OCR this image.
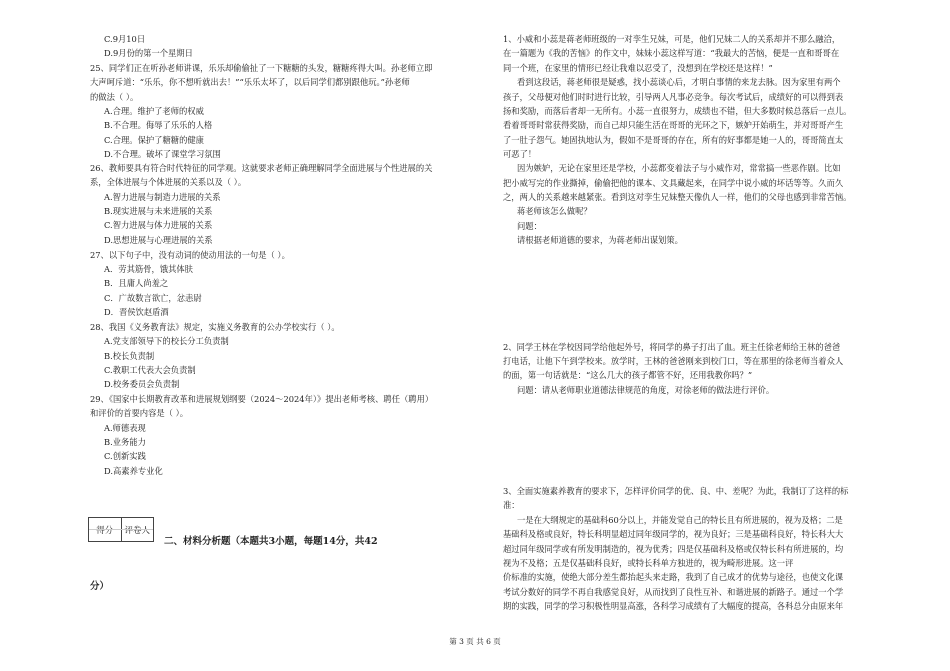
C.9月10日
D.9月份的第一个星期日
25、同学们正在听孙老师讲课，乐乐却偷偷扯了一下糖糖的头发，糖糖疼得大叫。孙老师立即
大声呵斥道：“乐乐，你不想听就出去！”“乐乐太坏了，以后同学们都别跟他玩。”孙老师
的做法（ ）。
A.合理。维护了老师的权威
B.不合理。侮辱了乐乐的人格
C.合理。保护了糖糖的健康
D.不合理。破坏了课堂学习氛围
26、教师要具有符合时代特征的同学观。这就要求老师正确理解同学全面进展与个性进展的关
系，全体进展与个体进展的关系以及（ ）。
A.智力进展与制造力进展的关系
B.现实进展与未来进展的关系
C.智力进展与体力进展的关系
D.思想进展与心理进展的关系
27、以下句子中，没有动词的使动用法的一句是（ ）。
A．劳其筋骨，饿其体肤
B．且庸人尚羞之
C．广故数言欲亡，忿恚尉
D．晋侯饮赵盾酒
28、我国《义务教育法》规定，实施义务教育的公办学校实行（ ）。
A.党支部领导下的校长分工负责制
B.校长负责制
C.教职工代表大会负责制
D.校务委员会负责制
29、《国家中长期教育改革和进展规划纲要（2024～2024年）》提出老师考核、聘任（聘用）
和评价的首要内容是（ ）。
A.师德表现
B.业务能力
C.创新实践
D.高素养专业化
1、小威和小蕊是蒋老师班级的一对孪生兄妹，可是，他们兄妹二人的关系却并不那么融洽，
在一篇题为《我的苦恼》的作文中，妹妹小蕊这样写道：“我最大的苦恼，便是一直和哥哥在
同一个班，在家里的情形已经让我难以忍受了，没想到在学校还是这样！”
看到这段话，蒋老师很是疑惑，找小蕊谈心后，才明白事情的来龙去脉。因为家里有两个
孩子，父母便对他们时时进行比较，引导两人凡事必竞争。每次考试后，成绩好的可以得到表
扬和奖励，而落后者却一无所有。小蕊一直很努力，成绩也不错，但大多数时候总落后一点儿。
看着哥哥时常获得奖励，而自己却只能生活在哥哥的光环之下，嫉妒开始萌生，并对哥哥产生
了一肚子怨气。她固执地认为，假如不是哥哥的存在，所有的好事都是她一人的，哥哥简直太
可恶了！
因为嫉妒，无论在家里还是学校，小蕊都变着法子与小威作对，常常搞一些恶作剧。比如
把小威写完的作业撕掉，偷偷把他的课本、文具藏起来，在同学中说小威的坏话等等。久而久
之，两人的关系越来越紧张。看到这对孪生兄妹整天像仇人一样，他们的父母也感到非常苦恼。
蒋老师该怎么做呢？
问题：
请根据老师道德的要求，为蒋老师出谋划策。
2、同学王林在学校因同学给他起外号，将同学的鼻子打出了血。班主任徐老师给王林的爸爸
打电话，让他下午到学校来。放学时，王林的爸爸刚来到校门口，等在那里的徐老师当着众人
的面，第一句话就是：“这么几大的孩子都管不好，还用我教你吗？”
问题：请从老师职业道德法律规范的角度，对徐老师的做法进行评价。
3、全面实施素养教育的要求下，怎样评价同学的优、良、中、差呢？为此，我制订了这样的标
准：
一是在大纲规定的基础科60分以上，并能发觉自己的特长且有所进展的，视为及格；二是
基础科及格或良好，特长科明显超过同年级同学的，视为良好；三是基础科良好，特长科大大
超过同年级同学或有所发明制造的，视为优秀；四是仅基础科及格或仅特长科有所进展的，均
视为不及格；五是仅基础科良好，或特长科单方独进的，视为畸形进展。这一评
价标准的实施，使绝大部分差生都抬起头来走路，我到了自己成才的优势与途径，也使文化课
考试分数好的同学不再自我感觉良好，从而找到了良性互补、和谐进展的新路子。通过一个学
期的实践，同学的学习积极性明显高涨，各科学习成绩有了大幅度的提高，各科总分由原来年
得分	评卷人
二、材料分析题（本题共3小题，每题14分，共42
分）
第 3 页 共 6 页
